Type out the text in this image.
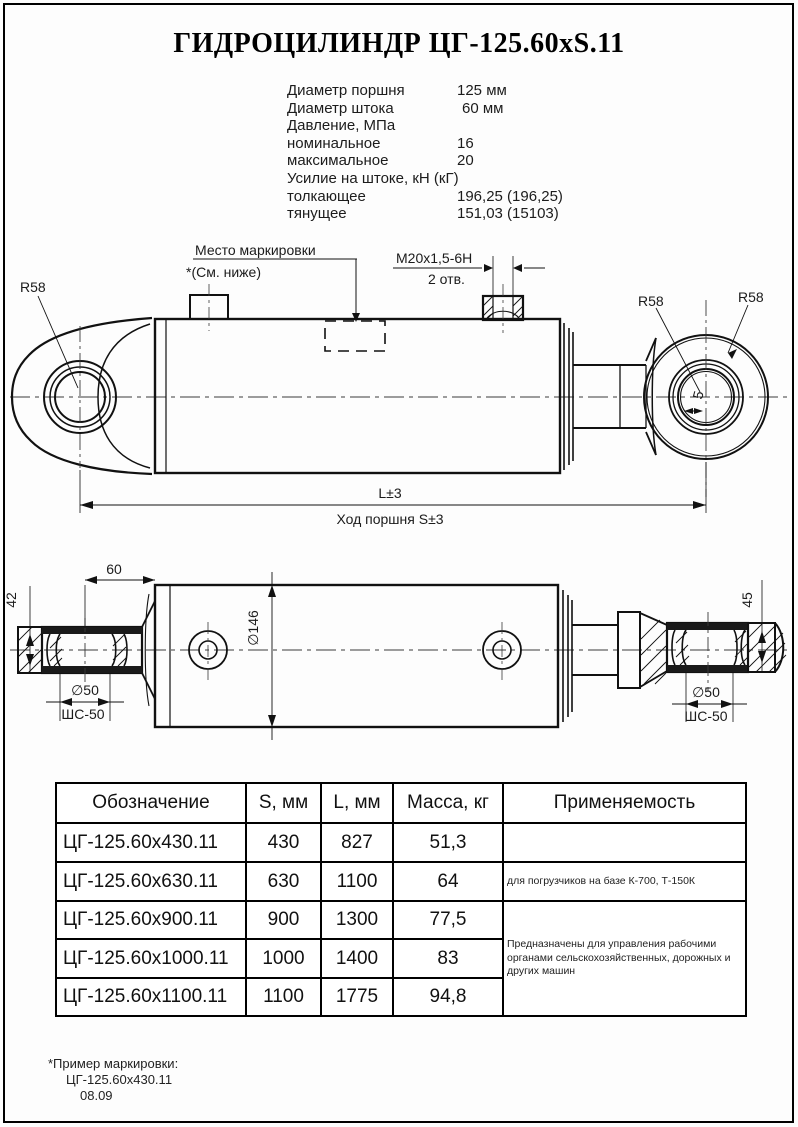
ГИДРОЦИЛИНДР ЦГ-125.60хS.11
Диаметр поршня	125 мм
Диаметр штока	60 мм
Давление, МПа
номинальное	16
максимальное	20
Усилие на штоке, кН (кГ)
толкающее	196,25 (196,25)
тянущее	151,03 (15103)
Место маркировки
*(См. ниже)
М20х1,5-6Н
2 отв.
R58
R58	R58
5
L±3
Ход поршня S±3
60
42	45
∅146
∅50
ШС-50
∅50
ШС-50
Обозначение	S, мм	L, мм	Масса, кг	Применяемость
ЦГ-125.60х430.11	430	827	51,3	
ЦГ-125.60х630.11	630	1100	64	для погрузчиков на базе К-700, Т-150К
ЦГ-125.60х900.11	900	1300	77,5	Предназначены для управления рабочими органами сельскохозяйственных, дорожных и других машин
ЦГ-125.60х1000.11	1000	1400	83	
ЦГ-125.60х1100.11	1100	1775	94,8	
*Пример маркировки:
ЦГ-125.60х430.11
08.09
